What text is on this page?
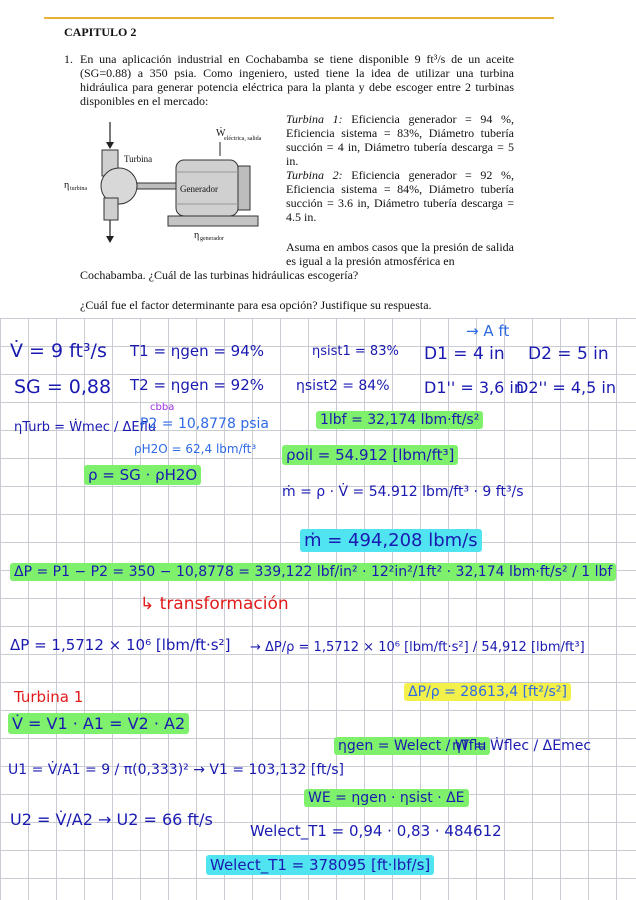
CAPITULO 2
1. En una aplicación industrial en Cochabamba se tiene disponible 9 ft³/s de un aceite (SG=0.88) a 350 psia. Como ingeniero, usted tiene la idea de utilizar una turbina hidráulica para generar potencia eléctrica para la planta y debe escoger entre 2 turbinas disponibles en el mercado:
Turbina
Generador
Ẇ
eléctrica, salida
η turbina
η generador

Turbina 1: Eficiencia generador = 94 %, Eficiencia sistema = 83%, Diámetro tubería succión = 4 in, Diámetro tubería descarga = 5 in.

Turbina 2: Eficiencia generador = 92 %, Eficiencia sistema = 84%, Diámetro tubería succión = 3.6 in, Diámetro tubería descarga = 4.5 in.

Asuma en ambos casos que la presión de salida es igual a la presión atmosférica en
Cochabamba. ¿Cuál de las turbinas hidráulicas escogería?
¿Cuál fue el factor determinante para esa opción? Justifique su respuesta.
V̇ = 9 ft³/s T1 = ηgen = 94%	ηsist1 = 83% D1 = 4 in D2 = 5 in
→ A ft
SG = 0,88 T2 = ηgen = 92% ηsist2 = 84% D1'' = 3,6 in
D2'' = 4,5 in
cbba
ηTurb = Ẇmec / ΔEflu
P2 = 10,8778 psia	1lbf = 32,174 lbm·ft/s²
ρH2O = 62,4 lbm/ft³ ρoil = 54.912 [lbm/ft³]
ρ = SG · ρH2O
ṁ = ρ · V̇ = 54.912 lbm/ft³ · 9 ft³/s
ṁ = 494,208 lbm/s
ΔP = P1 − P2 = 350 − 10,8778 = 339,122 lbf/in² · 12²in²/1ft² · 32,174 lbm·ft/s² / 1 lbf
↳ transformación
ΔP = 1,5712 × 10⁶ [lbm/ft·s²] → ΔP/ρ = 1,5712 × 10⁶ [lbm/ft·s²] / 54,912 [lbm/ft³]
Turbina 1	ΔP/ρ = 28613,4 [ft²/s²]
V̇ = V1 · A1 = V2 · A2
ηgen = Welect / Wflu
ηT = Ẇflec / ΔEmec
U1 = V̇/A1 = 9 / π(0,333)² → V1 = 103,132 [ft/s]
WE = ηgen · ηsist · ΔE
U2 = V̇/A2 → U2 = 66 ft/s
Welect_T1 = 0,94 · 0,83 · 484612
Welect_T1 = 378095 [ft·lbf/s]
